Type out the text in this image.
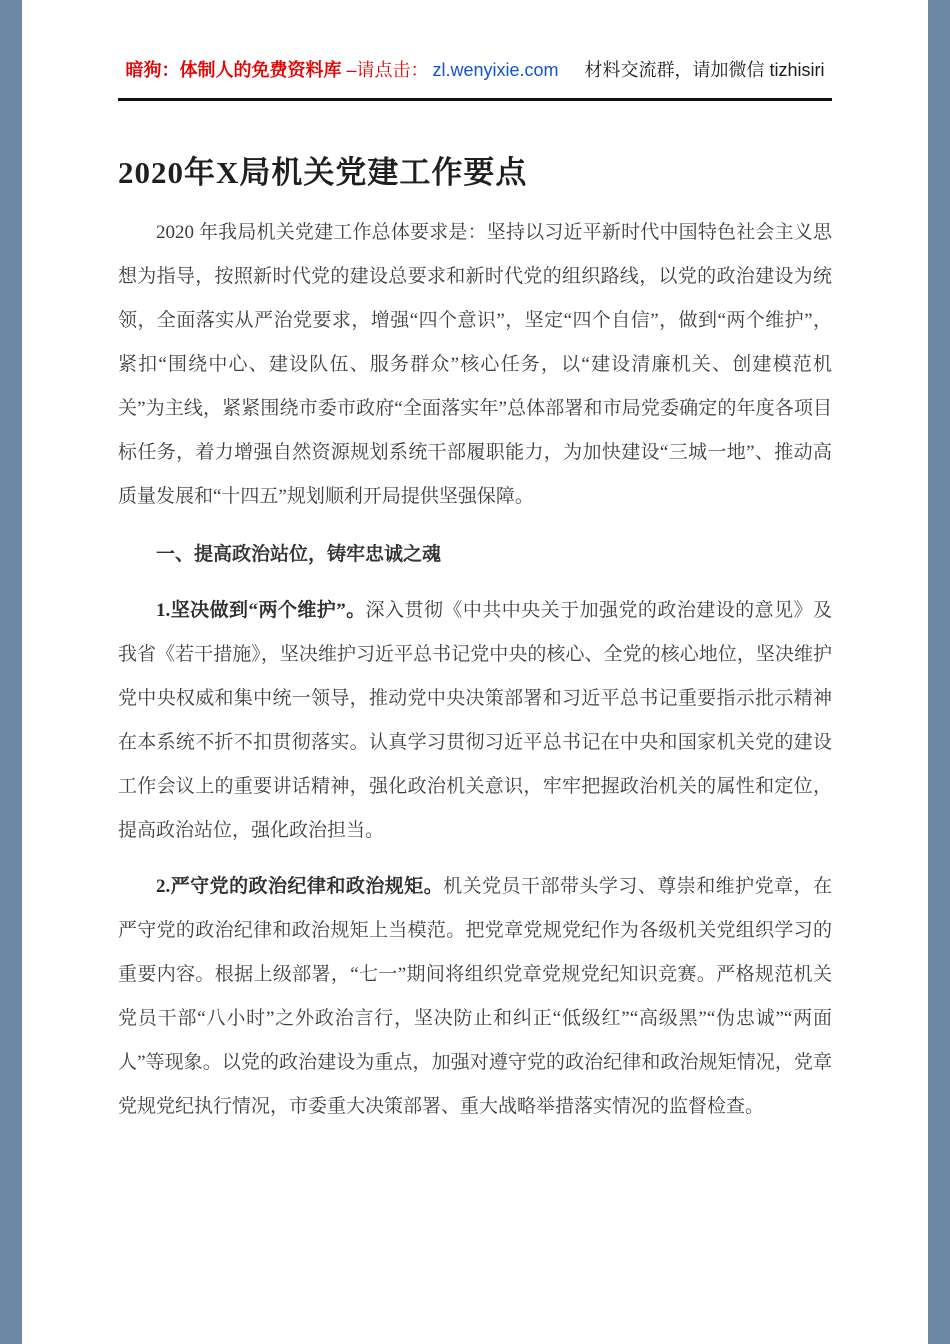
暗狗：体制人的免费资料库 –请点击： zl.wenyixie.com 材料交流群，请加微信 tizhisiri
2020年X局机关党建工作要点

2020 年我局机关党建工作总体要求是：坚持以习近平新时代中国特色社会主义思想为指导，按照新时代党的建设总要求和新时代党的组织路线，以党的政治建设为统领，全面落实从严治党要求，增强“四个意识”，坚定“四个自信”，做到“两个维护”，紧扣“围绕中心、建设队伍、服务群众”核心任务，以“建设清廉机关、创建模范机关”为主线，紧紧围绕市委市政府“全面落实年”总体部署和市局党委确定的年度各项目标任务，着力增强自然资源规划系统干部履职能力，为加快建设“三城一地”、推动高质量发展和“十四五”规划顺利开局提供坚强保障。

一、提高政治站位，铸牢忠诚之魂

1.坚决做到“两个维护”。深入贯彻《中共中央关于加强党的政治建设的意见》及我省《若干措施》，坚决维护习近平总书记党中央的核心、全党的核心地位，坚决维护党中央权威和集中统一领导，推动党中央决策部署和习近平总书记重要指示批示精神在本系统不折不扣贯彻落实。认真学习贯彻习近平总书记在中央和国家机关党的建设工作会议上的重要讲话精神，强化政治机关意识，牢牢把握政治机关的属性和定位，提高政治站位，强化政治担当。

2.严守党的政治纪律和政治规矩。机关党员干部带头学习、尊崇和维护党章，在严守党的政治纪律和政治规矩上当模范。把党章党规党纪作为各级机关党组织学习的重要内容。根据上级部署，“七一”期间将组织党章党规党纪知识竞赛。严格规范机关党员干部“八小时”之外政治言行，坚决防止和纠正“低级红”“高级黑”“伪忠诚”“两面人”等现象。以党的政治建设为重点，加强对遵守党的政治纪律和政治规矩情况，党章党规党纪执行情况，市委重大决策部署、重大战略举措落实情况的监督检查。
